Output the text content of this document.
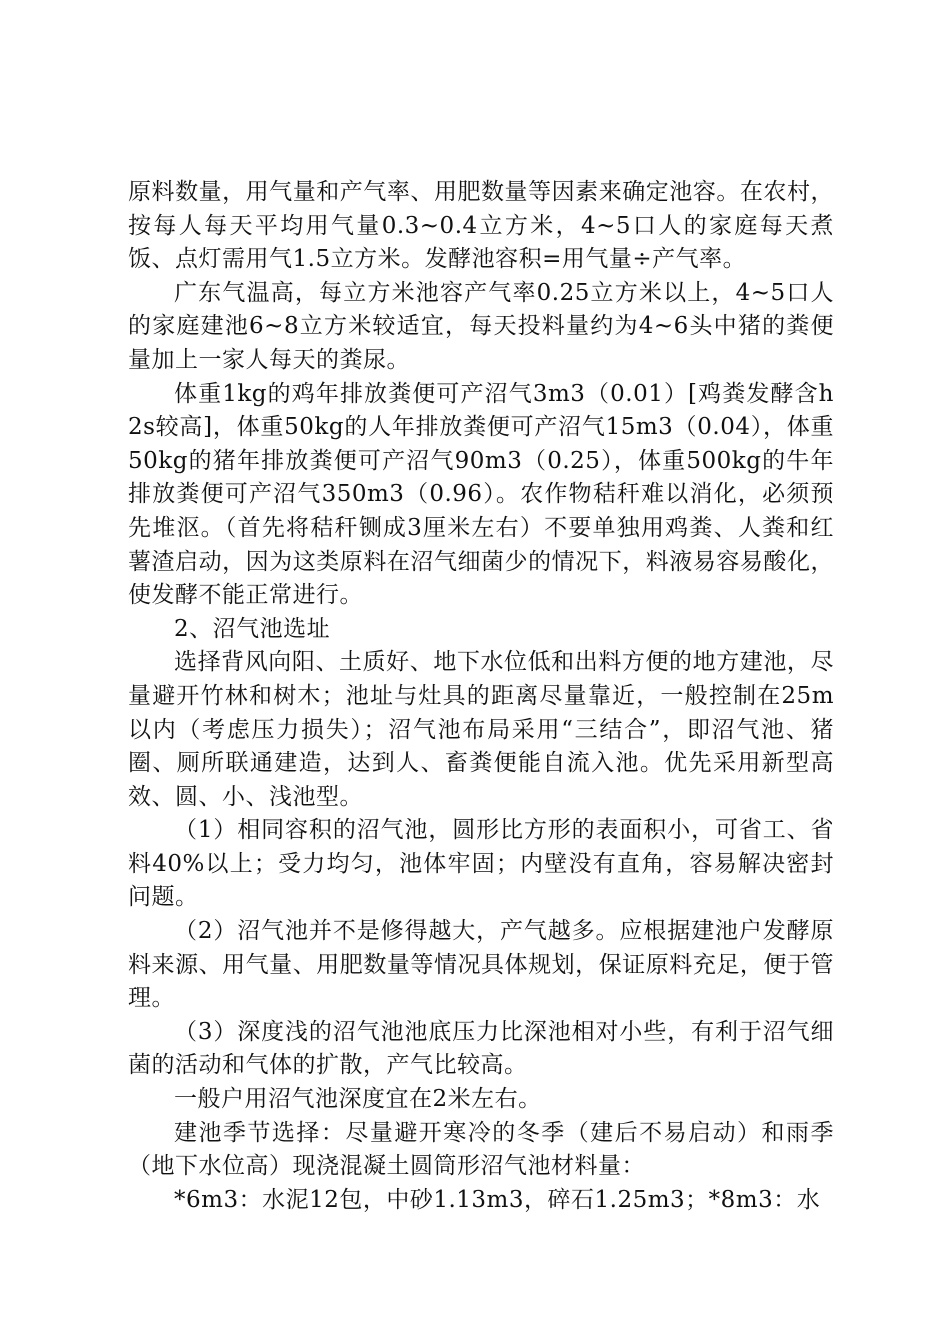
原料数量，用气量和产气率、用肥数量等因素来确定池容。在农村，按每人每天平均用气量0.3~0.4立方米，4~5口人的家庭每天煮饭、点灯需用气1.5立方米。发酵池容积=用气量÷产气率。

广东气温高，每立方米池容产气率0.25立方米以上，4~5口人的家庭建池6~8立方米较适宜，每天投料量约为4~6头中猪的粪便量加上一家人每天的粪尿。

体重1kg的鸡年排放粪便可产沼气3m3（0.01）[鸡粪发酵含h2s较高]，体重50kg的人年排放粪便可产沼气15m3（0.04），体重50kg的猪年排放粪便可产沼气90m3（0.25），体重500kg的牛年排放粪便可产沼气350m3（0.96）。农作物秸秆难以消化，必须预先堆沤。（首先将秸秆铡成3厘米左右）不要单独用鸡粪、人粪和红薯渣启动，因为这类原料在沼气细菌少的情况下，料液易容易酸化，使发酵不能正常进行。

2、沼气池选址

选择背风向阳、土质好、地下水位低和出料方便的地方建池，尽量避开竹林和树木；池址与灶具的距离尽量靠近，一般控制在25m以内（考虑压力损失）；沼气池布局采用“三结合”，即沼气池、猪圈、厕所联通建造，达到人、畜粪便能自流入池。优先采用新型高效、圆、小、浅池型。

（1）相同容积的沼气池，圆形比方形的表面积小，可省工、省料40%以上；受力均匀，池体牢固；内壁没有直角，容易解决密封问题。

（2）沼气池并不是修得越大，产气越多。应根据建池户发酵原料来源、用气量、用肥数量等情况具体规划，保证原料充足，便于管理。

（3）深度浅的沼气池池底压力比深池相对小些，有利于沼气细菌的活动和气体的扩散，产气比较高。

一般户用沼气池深度宜在2米左右。

建池季节选择：尽量避开寒冷的冬季（建后不易启动）和雨季（地下水位高）现浇混凝土圆筒形沼气池材料量：

*6m3：水泥12包，中砂1.13m3，碎石1.25m3；*8m3：水
